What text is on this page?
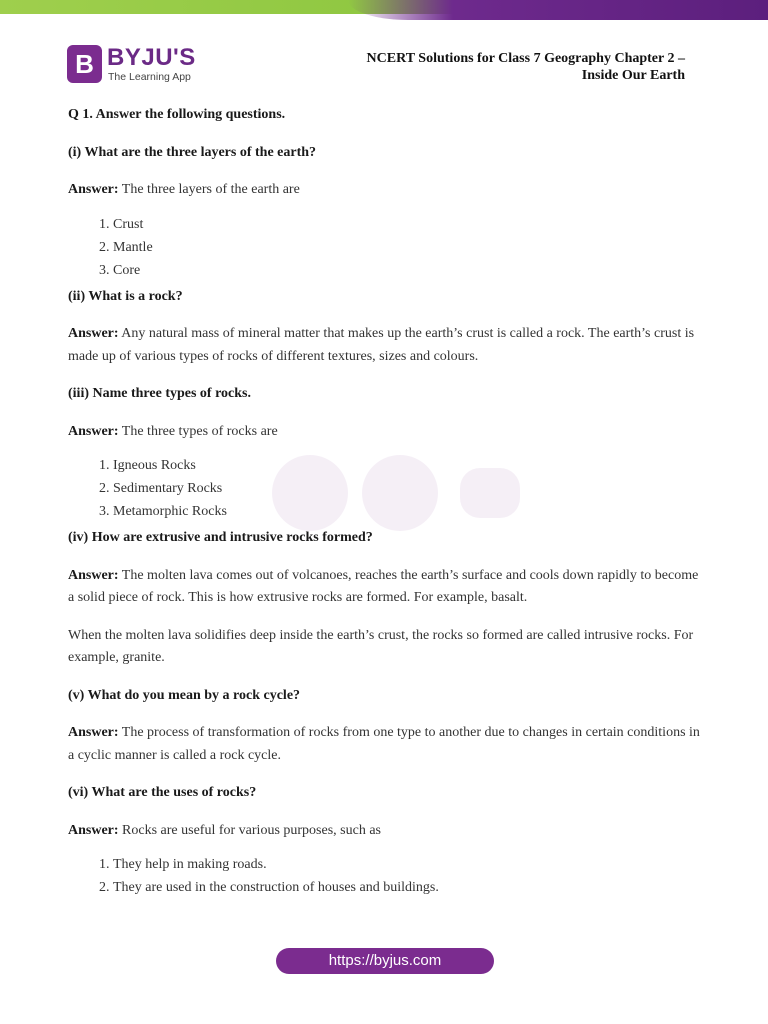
B BYJU'S
The Learning App
NCERT Solutions for Class 7 Geography Chapter 2 –
Inside Our Earth

Q 1. Answer the following questions.

(i) What are the three layers of the earth?

Answer: The three layers of the earth are

1. Crust
2. Mantle
3. Core

(ii) What is a rock?

Answer: Any natural mass of mineral matter that makes up the earth’s crust is called a rock. The earth’s crust is made up of various types of rocks of different textures, sizes and colours.

(iii) Name three types of rocks.

Answer: The three types of rocks are

1. Igneous Rocks
2. Sedimentary Rocks
3. Metamorphic Rocks

(iv) How are extrusive and intrusive rocks formed?

Answer: The molten lava comes out of volcanoes, reaches the earth’s surface and cools down rapidly to become a solid piece of rock. This is how extrusive rocks are formed. For example, basalt.

When the molten lava solidifies deep inside the earth’s crust, the rocks so formed are called intrusive rocks. For example, granite.

(v) What do you mean by a rock cycle?

Answer: The process of transformation of rocks from one type to another due to changes in certain conditions in a cyclic manner is called a rock cycle.

(vi) What are the uses of rocks?

Answer: Rocks are useful for various purposes, such as

1. They help in making roads.
2. They are used in the construction of houses and buildings.
https://byjus.com
